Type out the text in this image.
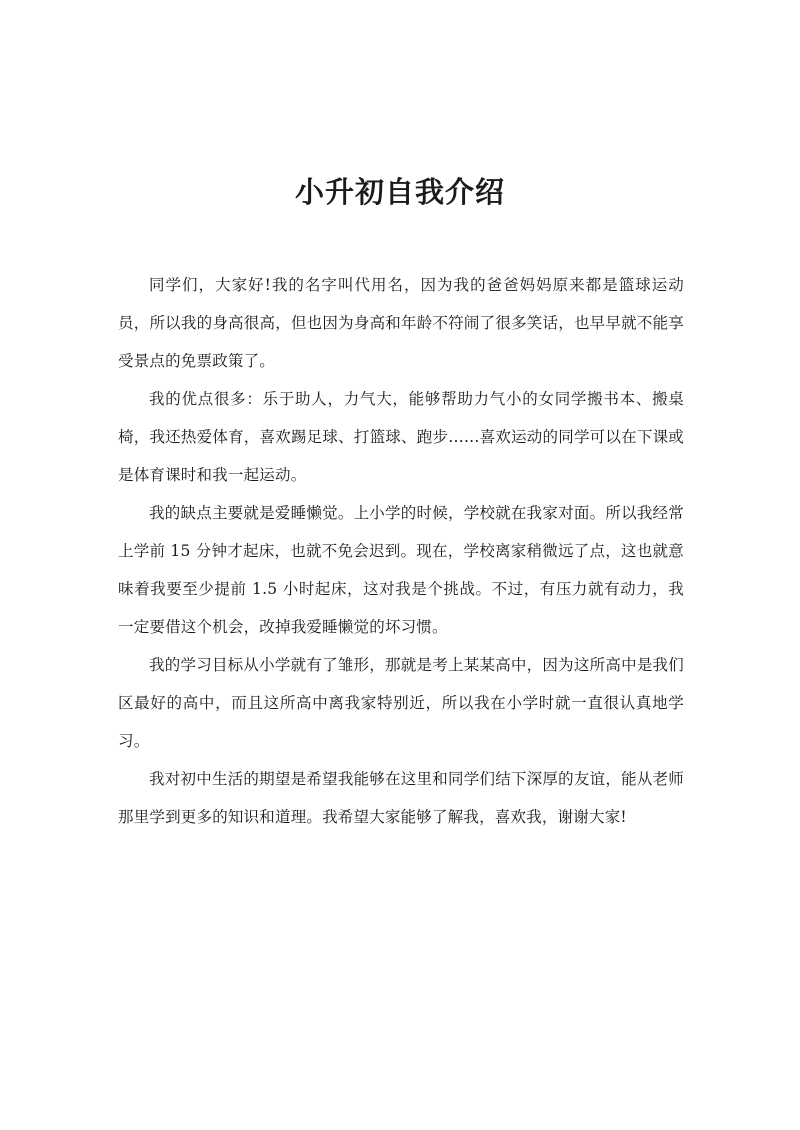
小升初自我介绍

同学们，大家好!我的名字叫代用名，因为我的爸爸妈妈原来都是篮球运动员，所以我的身高很高，但也因为身高和年龄不符闹了很多笑话，也早早就不能享受景点的免票政策了。

我的优点很多：乐于助人，力气大，能够帮助力气小的女同学搬书本、搬桌椅，我还热爱体育，喜欢踢足球、打篮球、跑步……喜欢运动的同学可以在下课或是体育课时和我一起运动。

我的缺点主要就是爱睡懒觉。上小学的时候，学校就在我家对面。所以我经常上学前 15 分钟才起床，也就不免会迟到。现在，学校离家稍微远了点，这也就意味着我要至少提前 1.5 小时起床，这对我是个挑战。不过，有压力就有动力，我一定要借这个机会，改掉我爱睡懒觉的坏习惯。

我的学习目标从小学就有了雏形，那就是考上某某高中，因为这所高中是我们区最好的高中，而且这所高中离我家特别近，所以我在小学时就一直很认真地学习。

我对初中生活的期望是希望我能够在这里和同学们结下深厚的友谊，能从老师那里学到更多的知识和道理。我希望大家能够了解我，喜欢我，谢谢大家!
